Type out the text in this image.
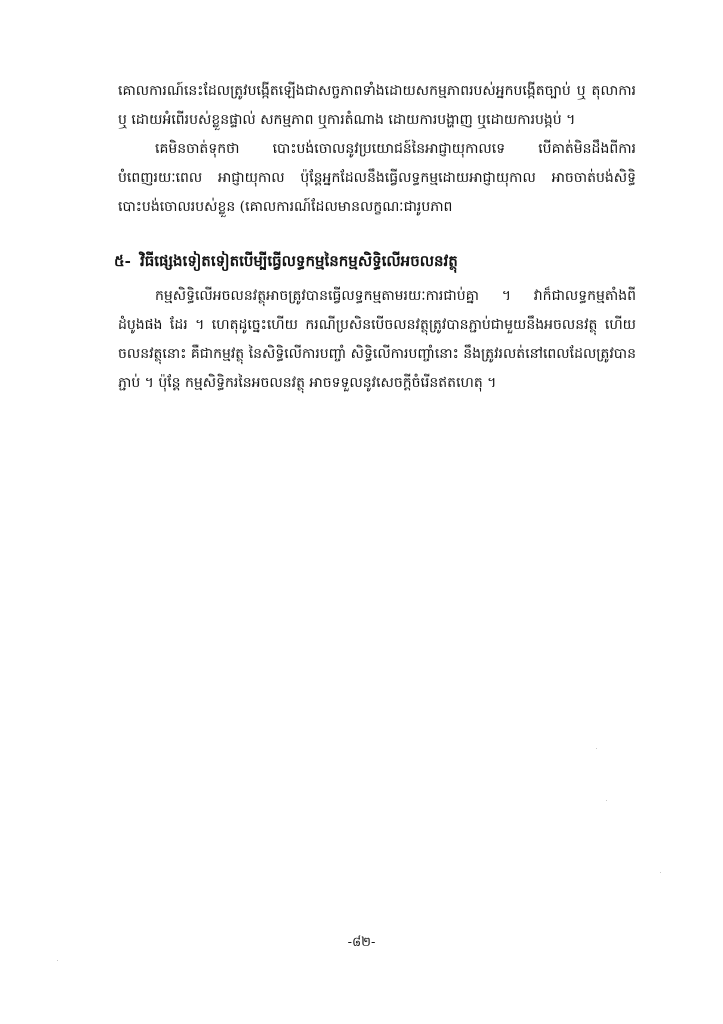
គោលការណ៍នេះដែលត្រូវបង្កើតឡើងជាសច្ចភាពទាំងដោយសកម្មភាពរបស់អ្នកបង្កើតច្បាប់ ឬ តុលាការ ឬ ដោយអំពើរបស់ខ្លួនផ្ទាល់ សកម្មភាព ឬការតំណាង ដោយការបង្ហាញ ឬដោយការបង្កប់ ។

គេមិនចាត់ទុកថា បោះបង់ចោលនូវប្រយោជន៍នៃអាជ្ញាយុកាលទេ បើគាត់មិនដឹងពីការបំពេញរយៈពេល អាជ្ញាយុកាល ប៉ុន្តែអ្នកដែលនឹងធ្វើលទ្ធកម្មដោយអាជ្ញាយុកាល អាចចាត់បង់សិទ្ធិបោះបង់ចោលរបស់ខ្លួន (គោលការណ៍ដែលមានលក្ខណៈជារូបភាព

៥- វិធីផ្សេងទៀតទៀតបើម្បីធ្វើលទ្ធកម្មនៃកម្មសិទ្ធិលើអចលនវត្ថុ

កម្មសិទ្ធិលើអចលនវត្ថុអាចត្រូវបានធ្វើលទ្ធកម្មតាមរយៈការជាប់គ្នា ។ វាក៏ជាលទ្ធកម្មតាំងពីដំបូងផង ដែរ ។ ហេតុដូច្នេះហើយ ករណីប្រសិនបើចលនវត្ថុត្រូវបានភ្ជាប់ជាមួយនឹងអចលនវត្ថុ ហើយចលនវត្ថុនោះ គឺជាកម្មវត្ថុ នៃសិទ្ធិលើការបញ្ចាំ សិទ្ធិលើការបញ្ចាំនោះ នឹងត្រូវរលត់នៅពេលដែលត្រូវបានភ្ជាប់ ។ ប៉ុន្តែ កម្មសិទ្ធិករនៃអចលនវត្ថុ អាចទទួលនូវសេចក្តីចំរើនឥតហេតុ ។

-៨២-
